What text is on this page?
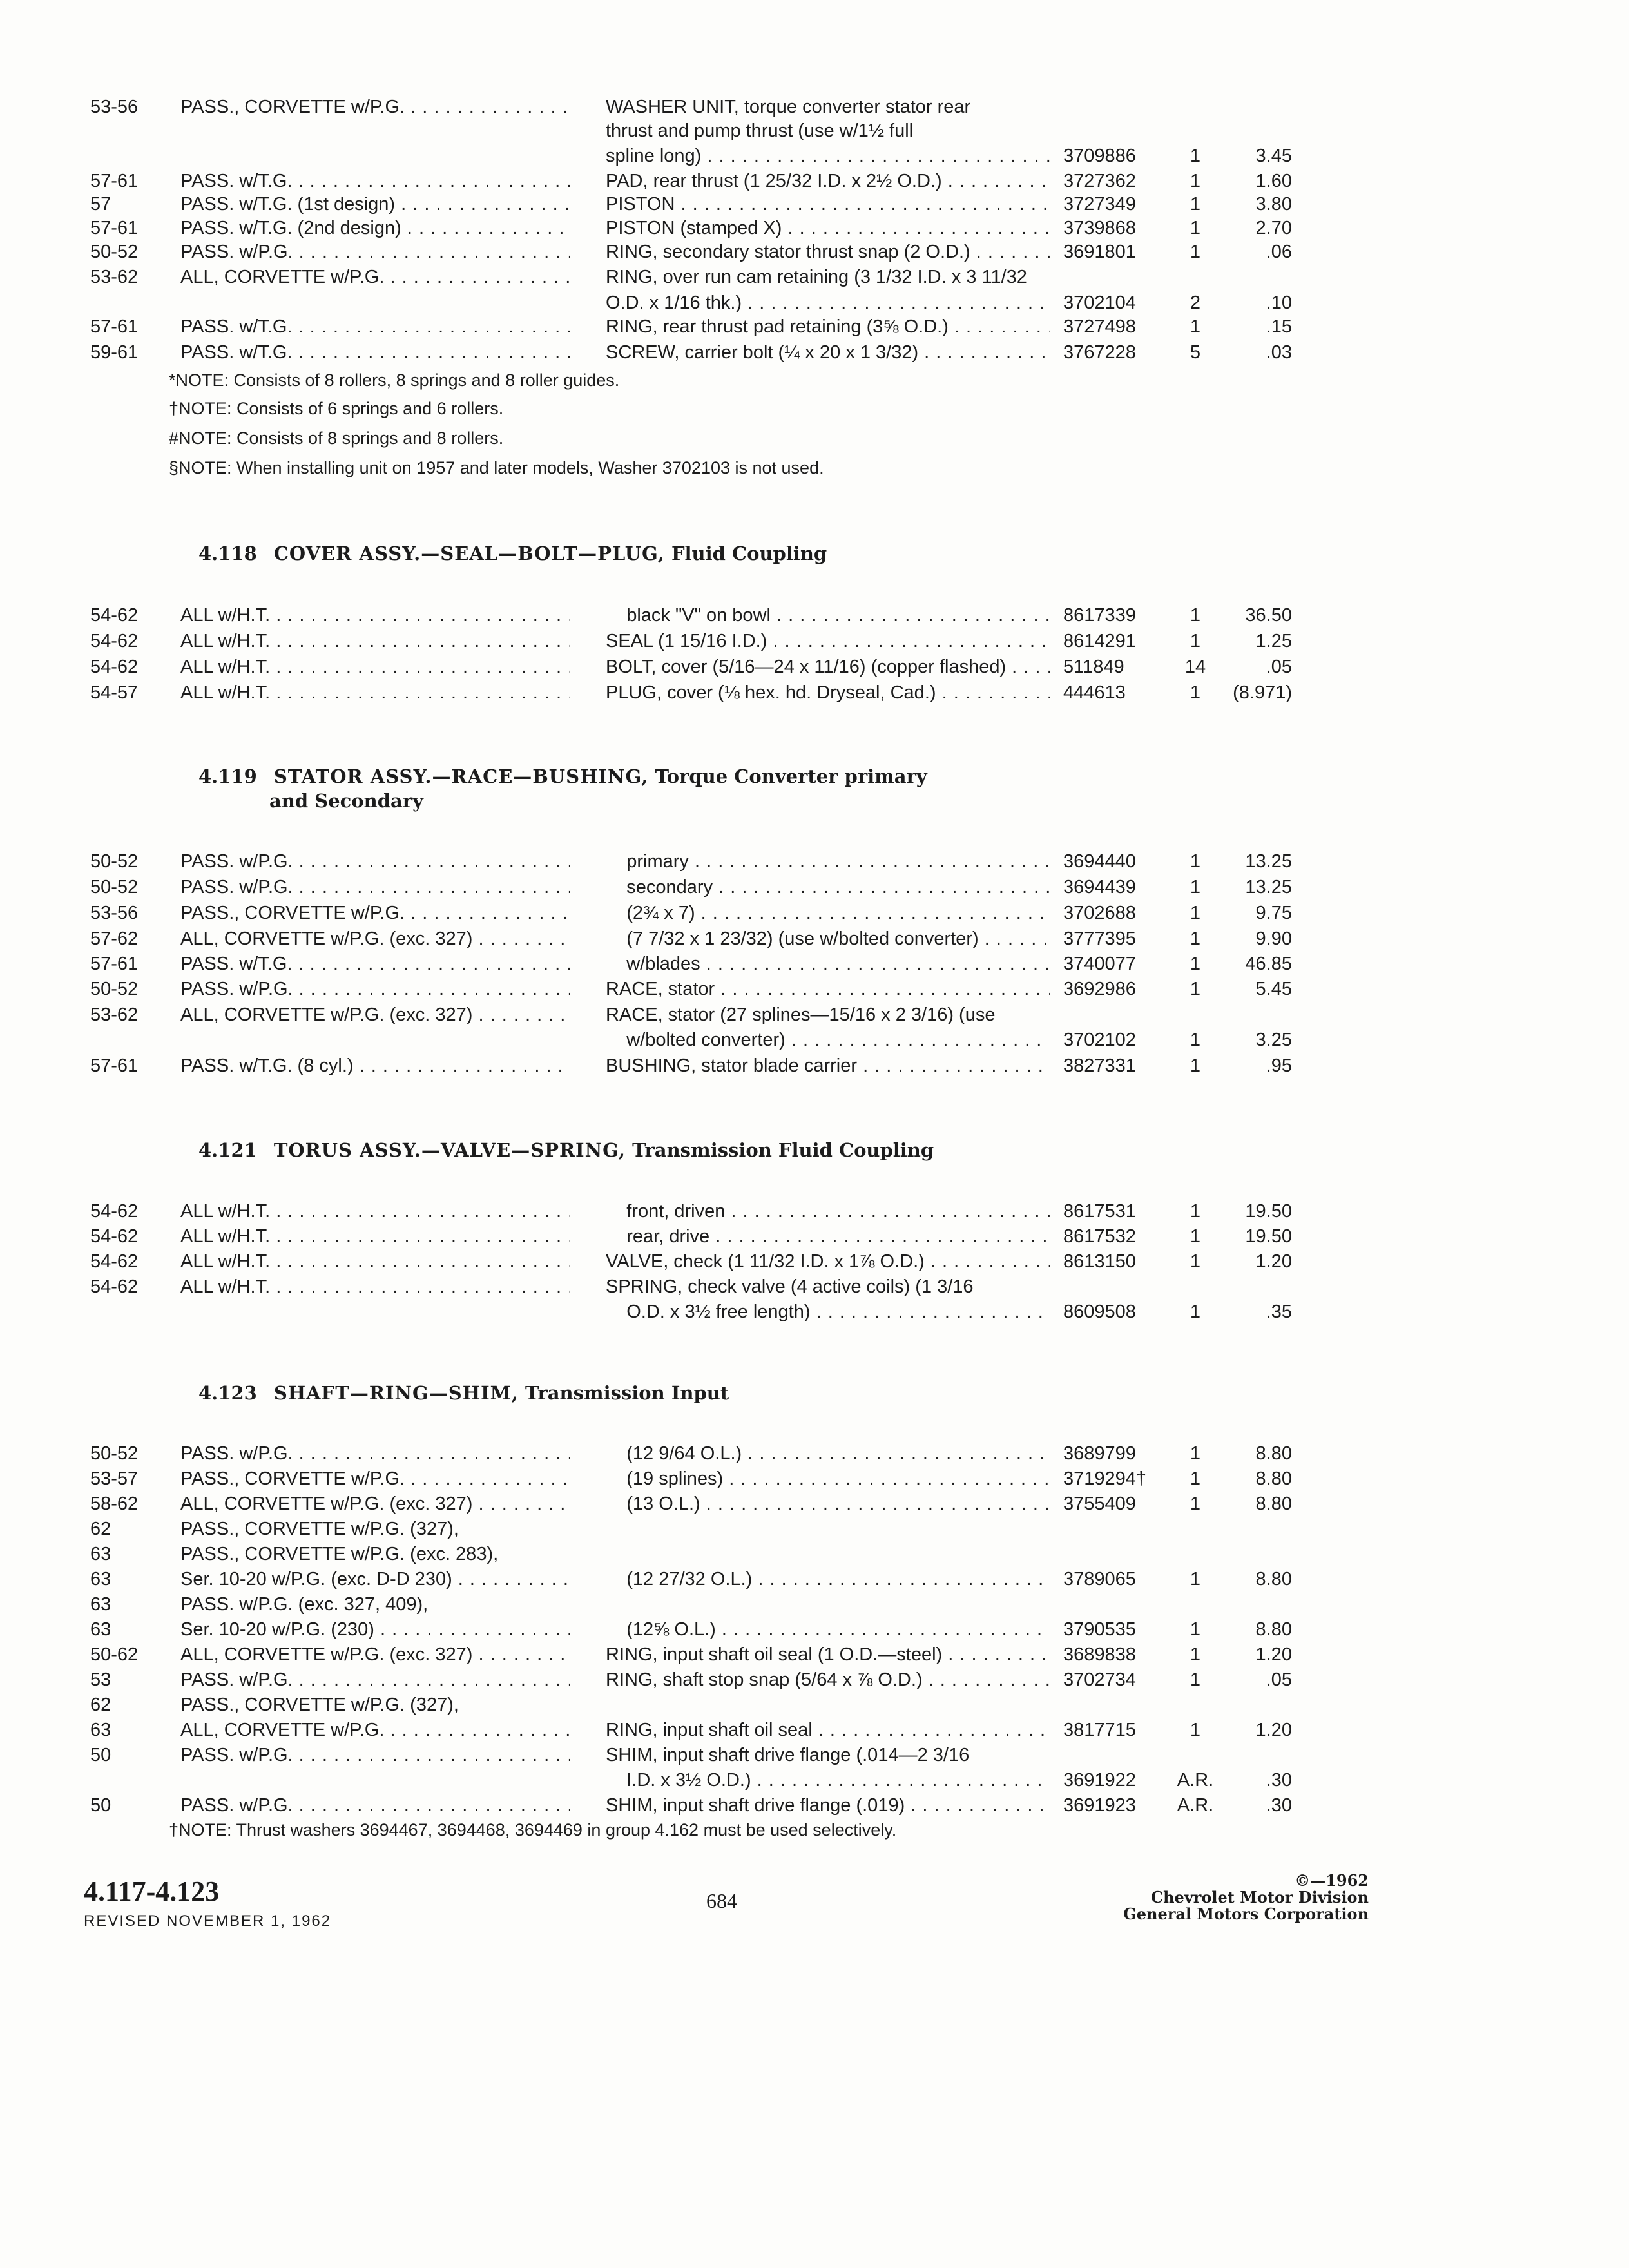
53-56 PASS., CORVETTE w/P.G. . . .	WASHER UNIT, torque converter stator rear
thrust and pump thrust (use w/1½ full
spline long) . . .	3709886	1	3.45
57-61 PASS. w/T.G. . . .	PAD, rear thrust (1 25/32 I.D. x 2½ O.D.) . . .	3727362	1	1.60
57	PASS. w/T.G. (1st design) . . .	PISTON . . .	3727349	1	3.80
57-61 PASS. w/T.G. (2nd design) . . .	PISTON (stamped X) . . .	3739868	1	2.70
50-52 PASS. w/P.G. . . .	RING, secondary stator thrust snap (2 O.D.) . . .	3691801	1	.06
53-62 ALL, CORVETTE w/P.G. . . .	RING, over run cam retaining (3 1/32 I.D. x 3 11/32
O.D. x 1/16 thk.) . . .	3702104	2	.10
57-61 PASS. w/T.G. . . .	RING, rear thrust pad retaining (3⅝ O.D.) . . .	3727498	1	.15
59-61 PASS. w/T.G. . . .	SCREW, carrier bolt (¼ x 20 x 1 3/32) . . .	3767228	5	.03
*NOTE: Consists of 8 rollers, 8 springs and 8 roller guides.
†NOTE: Consists of 6 springs and 6 rollers.
#NOTE: Consists of 8 springs and 8 rollers.
§NOTE: When installing unit on 1957 and later models, Washer 3702103 is not used.
4.118 COVER ASSY.—SEAL—BOLT—PLUG, Fluid Coupling
54-62 ALL w/H.T. . . .	black "V" on bowl . . .	8617339	1	36.50
54-62 ALL w/H.T. . . .	SEAL (1 15/16 I.D.) . . .	8614291	1	1.25
54-62 ALL w/H.T. . . .	BOLT, cover (5/16—24 x 11/16) (copper flashed) . . .	511849	14	.05
54-57 ALL w/H.T. . . .	PLUG, cover (⅛ hex. hd. Dryseal, Cad.) . . .	444613	1	(8.971)
4.119 STATOR ASSY.—RACE—BUSHING, Torque Converter primary
and Secondary
50-52 PASS. w/P.G. . . .	primary . . .	3694440	1	13.25
50-52 PASS. w/P.G. . . .	secondary . . .	3694439	1	13.25
53-56 PASS., CORVETTE w/P.G. . . .	(2¾ x 7) . . .	3702688	1	9.75
57-62 ALL, CORVETTE w/P.G. (exc. 327) . . .	(7 7/32 x 1 23/32) (use w/bolted converter) . . .	3777395	1	9.90
57-61 PASS. w/T.G. . . .	w/blades . . .	3740077	1	46.85
50-52 PASS. w/P.G. . . .	RACE, stator . . .	3692986	1	5.45
53-62 ALL, CORVETTE w/P.G. (exc. 327) . . .	RACE, stator (27 splines—15/16 x 2 3/16) (use
w/bolted converter) . . .	3702102	1	3.25
57-61 PASS. w/T.G. (8 cyl.) . . .	BUSHING, stator blade carrier . . .	3827331	1	.95
4.121 TORUS ASSY.—VALVE—SPRING, Transmission Fluid Coupling
54-62 ALL w/H.T. . . .	front, driven . . .	8617531	1	19.50
54-62 ALL w/H.T. . . .	rear, drive . . .	8617532	1	19.50
54-62 ALL w/H.T. . . .	VALVE, check (1 11/32 I.D. x 1⅞ O.D.) . . .	8613150	1	1.20
54-62 ALL w/H.T. . . .	SPRING, check valve (4 active coils) (1 3/16
O.D. x 3½ free length) . . .	8609508	1	.35
4.123 SHAFT—RING—SHIM, Transmission Input
50-52 PASS. w/P.G. . . .	(12 9/64 O.L.) . . .	3689799	1	8.80
53-57 PASS., CORVETTE w/P.G. . . .	(19 splines) . . .	3719294†	1	8.80
58-62 ALL, CORVETTE w/P.G. (exc. 327) . . .	(13 O.L.) . . .	3755409	1	8.80
62	PASS., CORVETTE w/P.G. (327),
63	PASS., CORVETTE w/P.G. (exc. 283),
63	Ser. 10-20 w/P.G. (exc. D-D 230) . . .	(12 27/32 O.L.) . . .	3789065	1	8.80
63	PASS. w/P.G. (exc. 327, 409),
63	Ser. 10-20 w/P.G. (230) . . .	(12⅝ O.L.) . . .	3790535	1	8.80
50-62 ALL, CORVETTE w/P.G. (exc. 327) . . .	RING, input shaft oil seal (1 O.D.—steel) . . .	3689838	1	1.20
53	PASS. w/P.G. . . .	RING, shaft stop snap (5/64 x ⅞ O.D.) . . .	3702734	1	.05
62	PASS., CORVETTE w/P.G. (327),
63	ALL, CORVETTE w/P.G. . . .	RING, input shaft oil seal . . .	3817715	1	1.20
50	PASS. w/P.G. . . .	SHIM, input shaft drive flange (.014—2 3/16
I.D. x 3½ O.D.) . . .	3691922	A.R.	.30
50	PASS. w/P.G. . . .	SHIM, input shaft drive flange (.019) . . .	3691923	A.R.	.30
†NOTE: Thrust washers 3694467, 3694468, 3694469 in group 4.162 must be used selectively.
4.117-4.123
REVISED NOVEMBER 1, 1962
684
©—1962
Chevrolet Motor Division
General Motors Corporation
